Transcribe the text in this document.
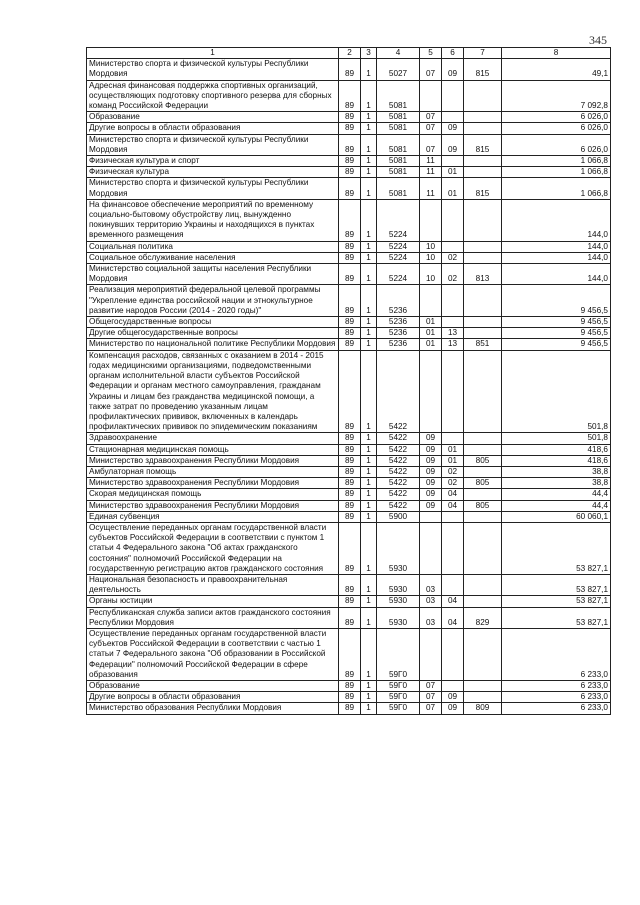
345
1	2	3	4	5	6	7	8
Министерство спорта и физической культуры Республики Мордовия	89	1	5027	07	09	815	49,1
Адресная финансовая поддержка спортивных организаций, осуществляющих подготовку спортивного резерва для сборных команд Российской Федерации	89	1	5081				7 092,8
Образование	89	1	5081	07			6 026,0
Другие вопросы в области образования	89	1	5081	07	09		6 026,0
Министерство спорта и физической культуры Республики Мордовия	89	1	5081	07	09	815	6 026,0
Физическая культура и спорт	89	1	5081	11			1 066,8
Физическая культура	89	1	5081	11	01		1 066,8
Министерство спорта и физической культуры Республики Мордовия	89	1	5081	11	01	815	1 066,8
На финансовое обеспечение мероприятий по временному социально-бытовому обустройству лиц, вынужденно покинувших территорию Украины и находящихся в пунктах временного размещения	89	1	5224				144,0
Социальная политика	89	1	5224	10			144,0
Социальное обслуживание населения	89	1	5224	10	02		144,0
Министерство социальной защиты населения Республики Мордовия	89	1	5224	10	02	813	144,0
Реализация мероприятий федеральной целевой программы "Укрепление единства российской нации и этнокультурное развитие народов России (2014 - 2020 годы)"	89	1	5236				9 456,5
Общегосударственные вопросы	89	1	5236	01			9 456,5
Другие общегосударственные вопросы	89	1	5236	01	13		9 456,5
Министерство по национальной политике Республики Мордовия	89	1	5236	01	13	851	9 456,5
Компенсация расходов, связанных с оказанием в 2014 - 2015 годах медицинскими организациями, подведомственными органам исполнительной власти субъектов Российской Федерации и органам местного самоуправления, гражданам Украины и лицам без гражданства медицинской помощи, а также затрат по проведению указанным лицам профилактических прививок, включенных в календарь профилактических прививок по эпидемическим показаниям	89	1	5422				501,8
Здравоохранение	89	1	5422	09			501,8
Стационарная медицинская помощь	89	1	5422	09	01		418,6
Министерство здравоохранения Республики Мордовия	89	1	5422	09	01	805	418,6
Амбулаторная помощь	89	1	5422	09	02		38,8
Министерство здравоохранения Республики Мордовия	89	1	5422	09	02	805	38,8
Скорая медицинская помощь	89	1	5422	09	04		44,4
Министерство здравоохранения Республики Мордовия	89	1	5422	09	04	805	44,4
Единая субвенция	89	1	5900				60 060,1
Осуществление переданных органам государственной власти субъектов Российской Федерации в соответствии с пунктом 1 статьи 4 Федерального закона "Об актах гражданского состояния" полномочий Российской Федерации на государственную регистрацию актов гражданского состояния	89	1	5930				53 827,1
Национальная безопасность и правоохранительная деятельность	89	1	5930	03			53 827,1
Органы юстиции	89	1	5930	03	04		53 827,1
Республиканская служба записи актов гражданского состояния Республики Мордовия	89	1	5930	03	04	829	53 827,1
Осуществление переданных органам государственной власти субъектов Российской Федерации в соответствии с частью 1 статьи 7 Федерального закона "Об образовании в Российской Федерации" полномочий Российской Федерации в сфере образования	89	1	59Г0				6 233,0
Образование	89	1	59Г0	07			6 233,0
Другие вопросы в области образования	89	1	59Г0	07	09		6 233,0
Министерство образования Республики Мордовия	89	1	59Г0	07	09	809	6 233,0
